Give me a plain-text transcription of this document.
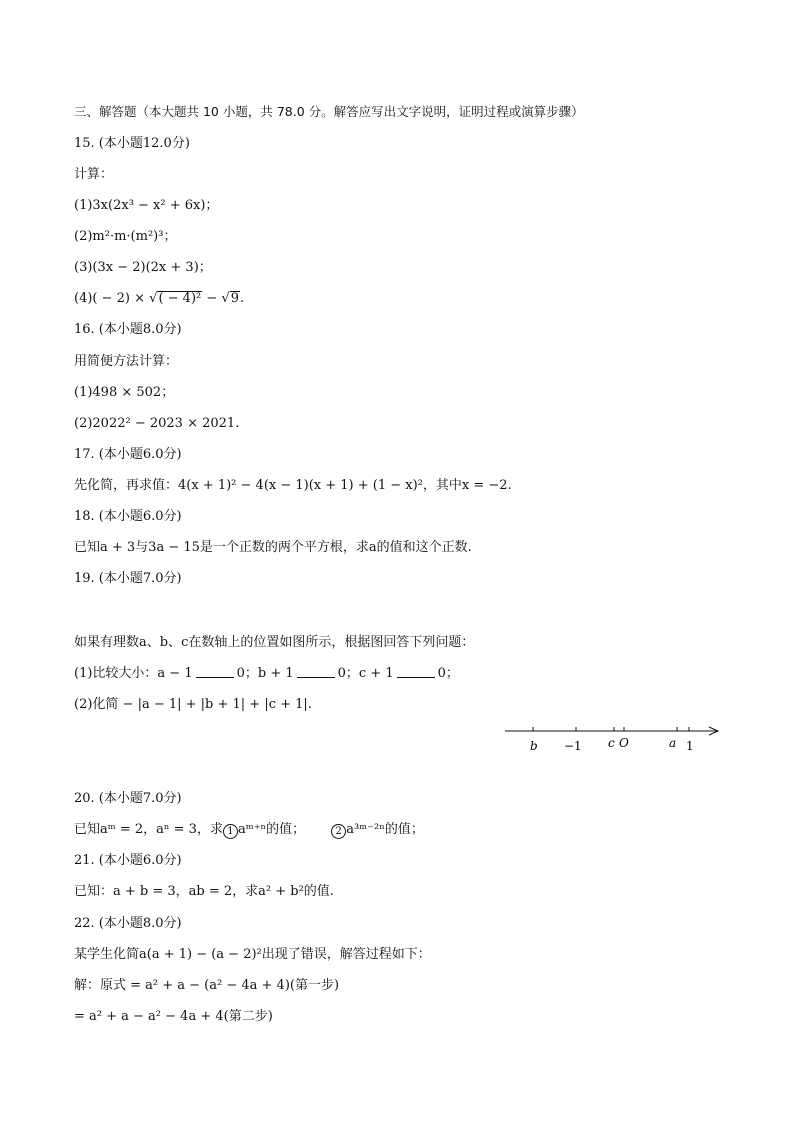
三、解答题（本大题共 10 小题，共 78.0 分。解答应写出文字说明，证明过程或演算步骤）
15. (本小题12.0分)
计算：
(1)3x(2x³ − x² + 6x)；
(2)m²·m·(m²)³；
(3)(3x − 2)(2x + 3)；
(4)( − 2) × √( − 4)² − √9.
16. (本小题8.0分)
用简便方法计算：
(1)498 × 502；
(2)2022² − 2023 × 2021.
17. (本小题6.0分)
先化简，再求值：4(x + 1)² − 4(x − 1)(x + 1) + (1 − x)²，其中x = −2.
18. (本小题6.0分)
已知a + 3与3a − 15是一个正数的两个平方根，求a的值和这个正数.
19. (本小题7.0分)
如果有理数a、b、c在数轴上的位置如图所示，根据图回答下列问题：
(1)比较大小：a − 1	0；b + 1	0；c + 1	0；
(2)化简 − |a − 1| + |b + 1| + |c + 1|.
b −1 c O	a 1
20. (本小题7.0分)
已知aᵐ = 2，aⁿ = 3，求 1 aᵐ⁺ⁿ的值；	2 a³ᵐ⁻²ⁿ的值；
21. (本小题6.0分)
已知：a + b = 3，ab = 2，求a² + b²的值.
22. (本小题8.0分)
某学生化简a(a + 1) − (a − 2)²出现了错误，解答过程如下：
解：原式 = a² + a − (a² − 4a + 4)(第一步)
= a² + a − a² − 4a + 4(第二步)
